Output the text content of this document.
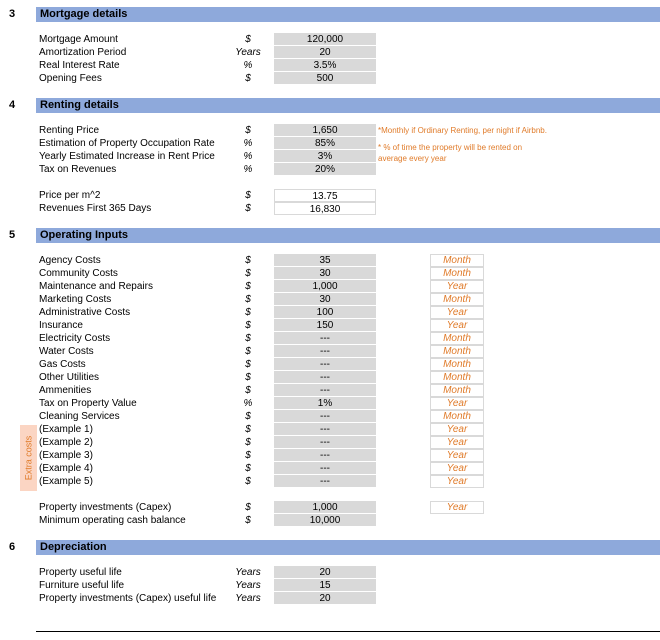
3	Mortgage details
Mortgage Amount	$	120,000
Amortization Period	Years	20
Real Interest Rate	%	3.5%
Opening Fees	$	500
4	Renting details
Renting Price	$	1,650
Estimation of Property Occupation Rate	%	85%
Yearly Estimated Increase in Rent Price	%	3%
Tax on Revenues	%	20%
Price per m^2	$	13.75
Revenues First 365 Days	$	16,830
*Monthly if Ordinary Renting, per night if Airbnb.
* % of time the property will be rented on
average every year
5	Operating Inputs
Extra costs
Agency Costs	$	35	Month
Community Costs	$	30	Month
Maintenance and Repairs	$	1,000	Year
Marketing Costs	$	30	Month
Administrative Costs	$	100	Year
Insurance	$	150	Year
Electricity Costs	$	---	Month
Water Costs	$	---	Month
Gas Costs	$	---	Month
Other Utilities	$	---	Month
Ammenities	$	---	Month
Tax on Property Value	%	1%	Year
Cleaning Services	$	---	Month
(Example 1)	$	---	Year
(Example 2)	$	---	Year
(Example 3)	$	---	Year
(Example 4)	$	---	Year
(Example 5)	$	---	Year
Property investments (Capex)	$	1,000	Year
Minimum operating cash balance	$	10,000
6	Depreciation
Property useful life	Years	20
Furniture useful life	Years	15
Property investments (Capex) useful life	Years	20
